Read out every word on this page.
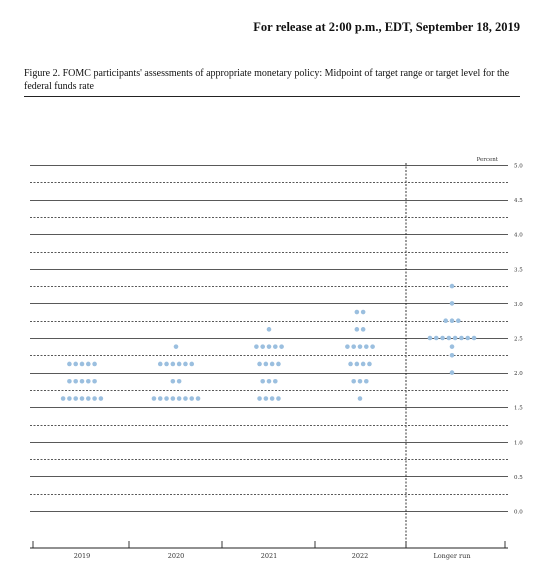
For release at 2:00 p.m., EDT, September 18, 2019
Figure 2. FOMC participants' assessments of appropriate monetary policy: Midpoint of target range or target level for the federal funds rate
0.0
0.5
1.0
1.5
2.0
2.5
3.0
3.5
4.0
4.5
5.0
Percent
2019	2020	2021	2022	Longer run
